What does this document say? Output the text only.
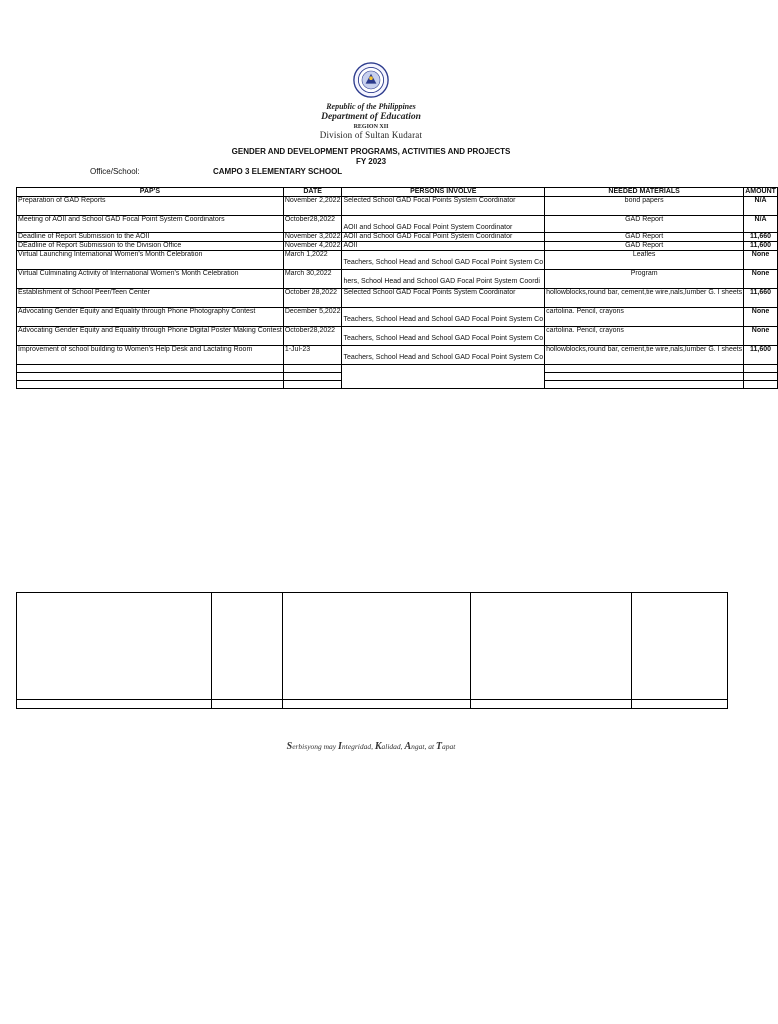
Republic of the Philippines
Department of Education
REGION XII
Division of Sultan Kudarat
GENDER AND DEVELOPMENT PROGRAMS, ACTIVITIES AND PROJECTS
FY 2023
Office/School:	CAMPO 3 ELEMENTARY SCHOOL
PAP'S	DATE	PERSONS INVOLVE	NEEDED MATERIALS	AMOUNT
Preparation of GAD Reports	November 2,2022	Selected School GAD Focal Points System Coordinator	bond papers	N/A
Meeting of AOII and School GAD Focal Point System Coordinators	October28,2022	AOII and School GAD Focal Point System Coordinator	GAD Report	N/A
Deadline of Report Submission to the AOII	November 3,2022	AOII and School GAD Focal Point System Coordinator	GAD Report	11,660
DEadline of Report Submission to the Division Office	November 4,2022	AOII	GAD Report	11,600
Virtual Launching International Women's Month Celebration	March 1,2022	Teachers, School Head and School GAD Focal Point System Co	Leafles	None
Virtual Culminating Activity of International Women's Month Celebration	March 30,2022	hers, School Head and School GAD Focal Point System Coordi	Program	None
Establishment of School Peer/Teen Center	October 28,2022	Selected School GAD Focal Points System Coordinator	hollowblocks,round bar, cement,tie wire,nals,lumber G. I sheets	11,660
Advocating Gender Equity and Equality through Phone Photography Contest	December 5,2022	Teachers, School Head and School GAD Focal Point System Co	cartolina. Pencil, crayons	None
Advocating Gender Equity and Equality through Phone Digital Poster Making Contest	October28,2022	Teachers, School Head and School GAD Focal Point System Co	cartolina. Pencil, crayons	None
Improvement of school building to Women's Help Desk and Lactating Room	1-Jul-23	Teachers, School Head and School GAD Focal Point System Co	hollowblocks,round bar, cement,tie wire,nals,lumber G. I sheets	11,600

Serbisyong may Integridad, Kalidad, Angat, at Tapat
